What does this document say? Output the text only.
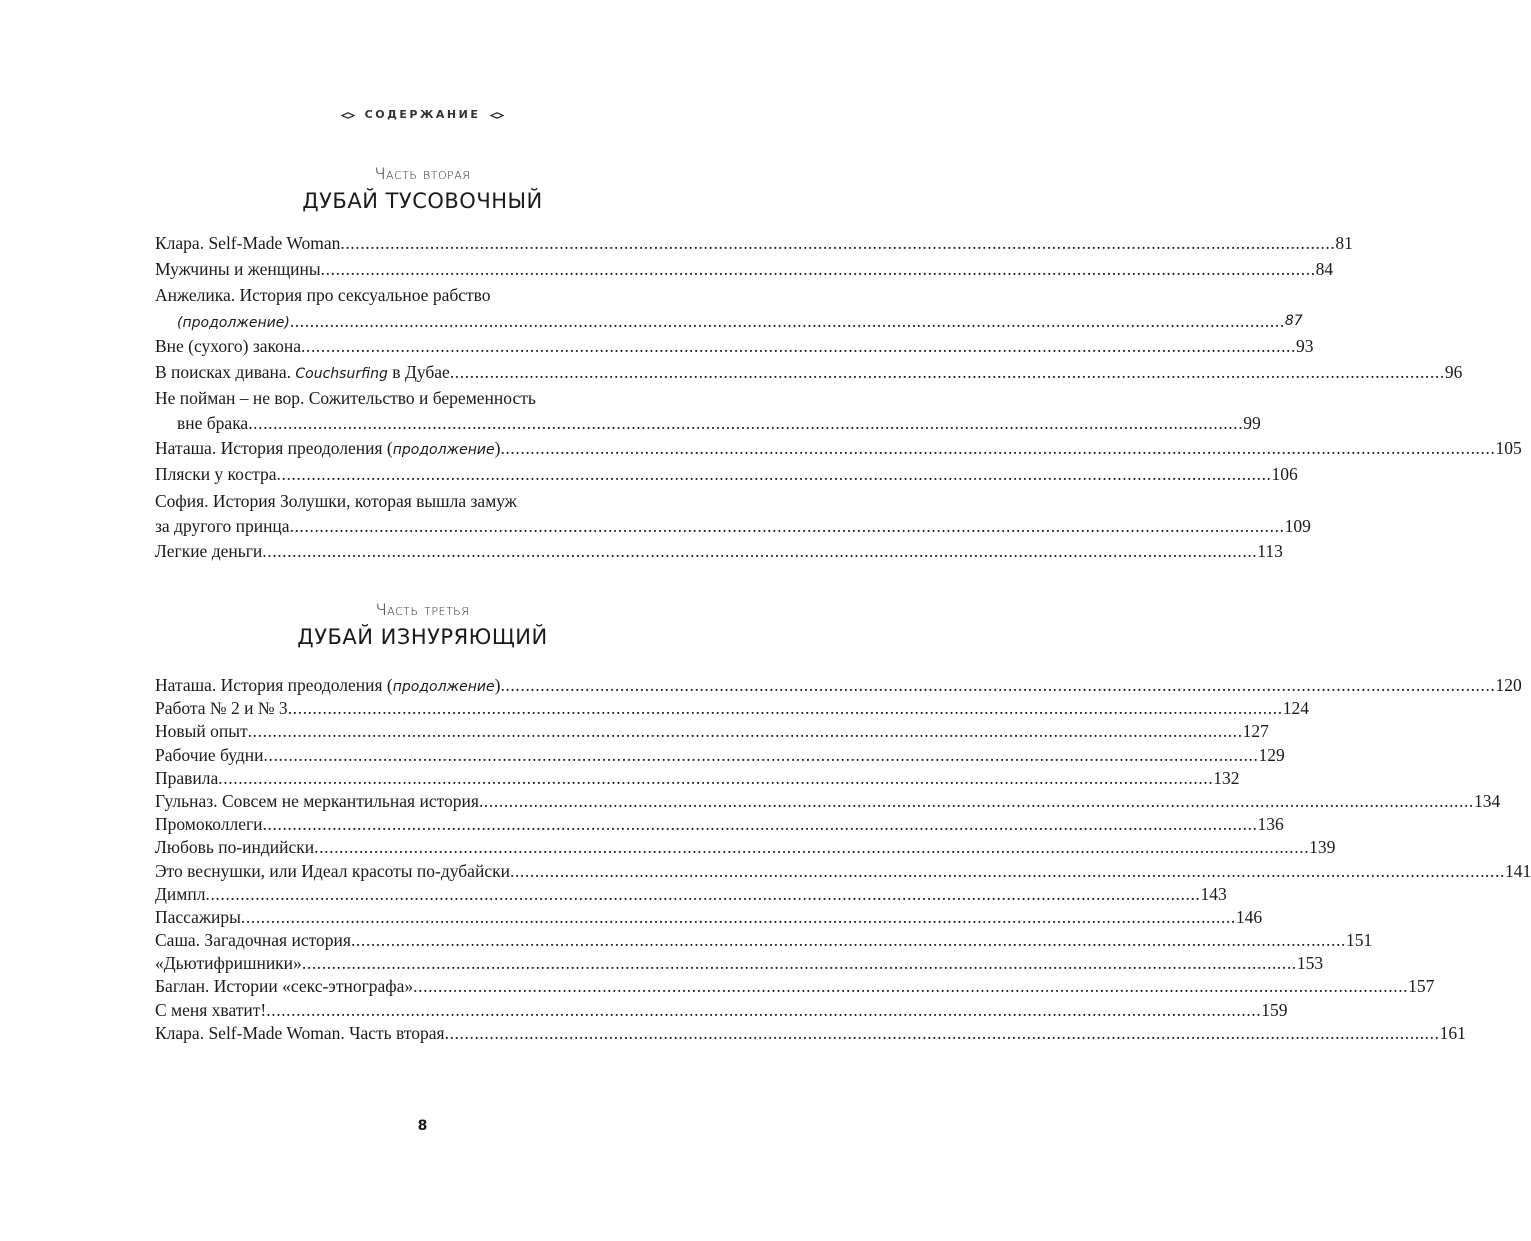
СОДЕРЖАНИЕ
Часть вторая
ДУБАЙ ТУСОВОЧНЫЙ
Клара. Self-Made Woman ........................................................................................................................................................................................................ 81
Мужчины и женщины ........................................................................................................................................................................................................ 84
Анжелика. История про сексуальное рабство
(продолжение) ........................................................................................................................................................................................................ 87
Вне (сухого) закона ........................................................................................................................................................................................................ 93
В поисках дивана. Couchsurfing в Дубае ........................................................................................................................................................................................................ 96
Не пойман – не вор. Сожительство и беременность
вне брака ........................................................................................................................................................................................................ 99
Наташа. История преодоления (продолжение) ........................................................................................................................................................................................................ 105
Пляски у костра ........................................................................................................................................................................................................ 106
София. История Золушки, которая вышла замуж
за другого принца ........................................................................................................................................................................................................ 109
Легкие деньги ........................................................................................................................................................................................................ 113
Часть третья
ДУБАЙ ИЗНУРЯЮЩИЙ
Наташа. История преодоления (продолжение) ........................................................................................................................................................................................................ 120
Работа № 2 и № 3 ........................................................................................................................................................................................................ 124
Новый опыт ........................................................................................................................................................................................................ 127
Рабочие будни ........................................................................................................................................................................................................ 129
Правила ........................................................................................................................................................................................................ 132
Гульназ. Совсем не меркантильная история ........................................................................................................................................................................................................ 134
Промоколлеги ........................................................................................................................................................................................................ 136
Любовь по-индийски ........................................................................................................................................................................................................ 139
Это веснушки, или Идеал красоты по-дубайски ........................................................................................................................................................................................................ 141
Димпл ........................................................................................................................................................................................................ 143
Пассажиры ........................................................................................................................................................................................................ 146
Саша. Загадочная история ........................................................................................................................................................................................................ 151
«Дьютифришники» ........................................................................................................................................................................................................ 153
Баглан. Истории «секс-этнографа» ........................................................................................................................................................................................................ 157
С меня хватит! ........................................................................................................................................................................................................ 159
Клара. Self-Made Woman. Часть вторая ........................................................................................................................................................................................................ 161
8
